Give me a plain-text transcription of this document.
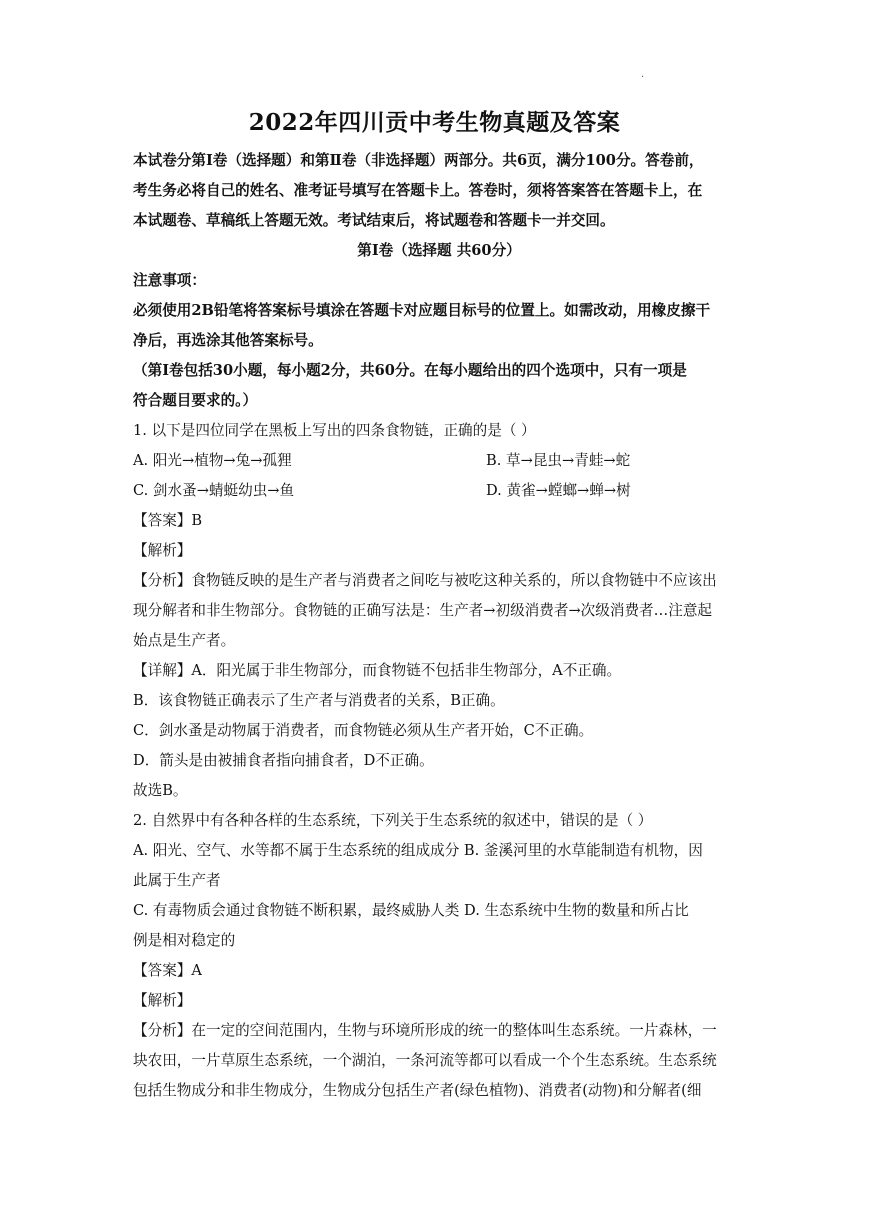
·
2022年四川贡中考生物真题及答案
本试卷分第Ⅰ卷（选择题）和第Ⅱ卷（非选择题）两部分。共6页，满分100分。答卷前，
考生务必将自己的姓名、准考证号填写在答题卡上。答卷时，须将答案答在答题卡上，在
本试题卷、草稿纸上答题无效。考试结束后，将试题卷和答题卡一并交回。
第Ⅰ卷（选择题 共60分）
注意事项：
必须使用2B铅笔将答案标号填涂在答题卡对应题目标号的位置上。如需改动，用橡皮擦干
净后，再选涂其他答案标号。
（第Ⅰ卷包括30小题，每小题2分，共60分。在每小题给出的四个选项中，只有一项是
符合题目要求的。）
1. 以下是四位同学在黑板上写出的四条食物链，正确的是（ ）
A. 阳光→植物→兔→孤狸	B. 草→昆虫→青蛙→蛇
C. 剑水蚤→蜻蜓幼虫→鱼	D. 黄雀→螳螂→蝉→树
【答案】B
【解析】
【分析】食物链反映的是生产者与消费者之间吃与被吃这种关系的，所以食物链中不应该出
现分解者和非生物部分。食物链的正确写法是：生产者→初级消费者→次级消费者…注意起
始点是生产者。
【详解】A．阳光属于非生物部分，而食物链不包括非生物部分，A不正确。
B．该食物链正确表示了生产者与消费者的关系，B正确。
C．剑水蚤是动物属于消费者，而食物链必须从生产者开始，C不正确。
D．箭头是由被捕食者指向捕食者，D不正确。
故选B。
2. 自然界中有各种各样的生态系统，下列关于生态系统的叙述中，错误的是（ ）
A. 阳光、空气、水等都不属于生态系统的组成成分 B. 釜溪河里的水草能制造有机物，因
此属于生产者
C. 有毒物质会通过食物链不断积累，最终威胁人类 D. 生态系统中生物的数量和所占比
例是相对稳定的
【答案】A
【解析】
【分析】在一定的空间范围内，生物与环境所形成的统一的整体叫生态系统。一片森林，一
块农田，一片草原生态系统，一个湖泊，一条河流等都可以看成一个个生态系统。生态系统
包括生物成分和非生物成分，生物成分包括生产者(绿色植物)、消费者(动物)和分解者(细
